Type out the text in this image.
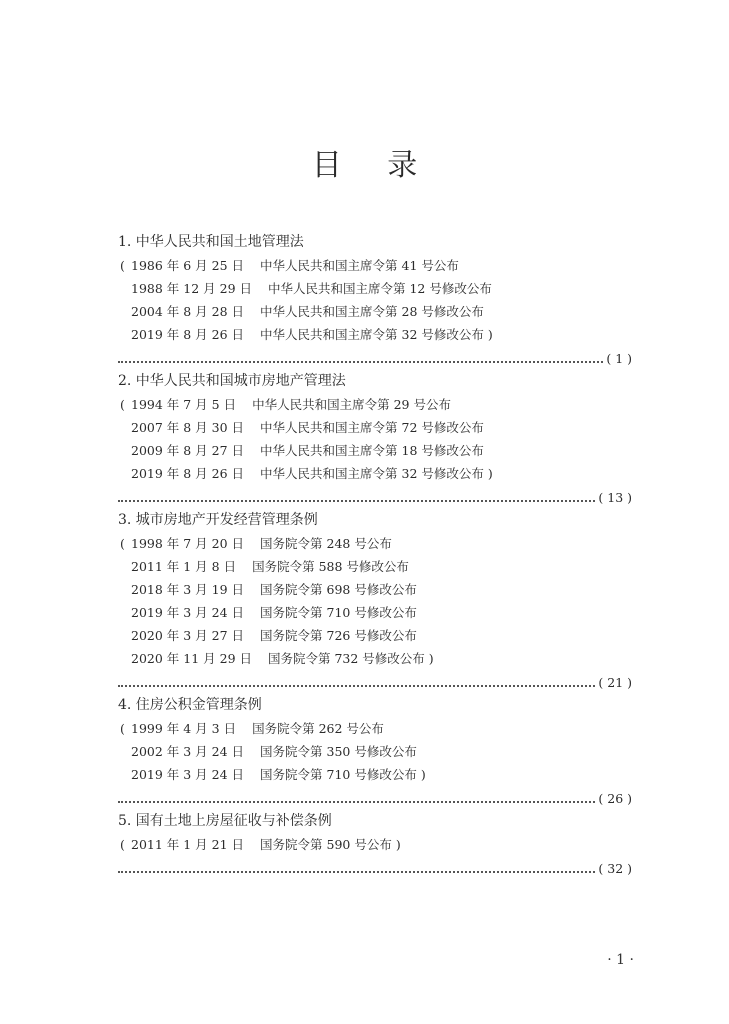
目 录
1. 中华人民共和国土地管理法
( 1986 年 6 月 25 日 中华人民共和国主席令第 41 号公布
1988 年 12 月 29 日 中华人民共和国主席令第 12 号修改公布
2004 年 8 月 28 日 中华人民共和国主席令第 28 号修改公布
2019 年 8 月 26 日 中华人民共和国主席令第 32 号修改公布 )
( 1 )
2. 中华人民共和国城市房地产管理法
( 1994 年 7 月 5 日 中华人民共和国主席令第 29 号公布
2007 年 8 月 30 日 中华人民共和国主席令第 72 号修改公布
2009 年 8 月 27 日 中华人民共和国主席令第 18 号修改公布
2019 年 8 月 26 日 中华人民共和国主席令第 32 号修改公布 )
( 13 )
3. 城市房地产开发经营管理条例
( 1998 年 7 月 20 日 国务院令第 248 号公布
2011 年 1 月 8 日 国务院令第 588 号修改公布
2018 年 3 月 19 日 国务院令第 698 号修改公布
2019 年 3 月 24 日 国务院令第 710 号修改公布
2020 年 3 月 27 日 国务院令第 726 号修改公布
2020 年 11 月 29 日 国务院令第 732 号修改公布 )
( 21 )
4. 住房公积金管理条例
( 1999 年 4 月 3 日 国务院令第 262 号公布
2002 年 3 月 24 日 国务院令第 350 号修改公布
2019 年 3 月 24 日 国务院令第 710 号修改公布 )
( 26 )
5. 国有土地上房屋征收与补偿条例
( 2011 年 1 月 21 日 国务院令第 590 号公布 )
( 32 )
· 1 ·
